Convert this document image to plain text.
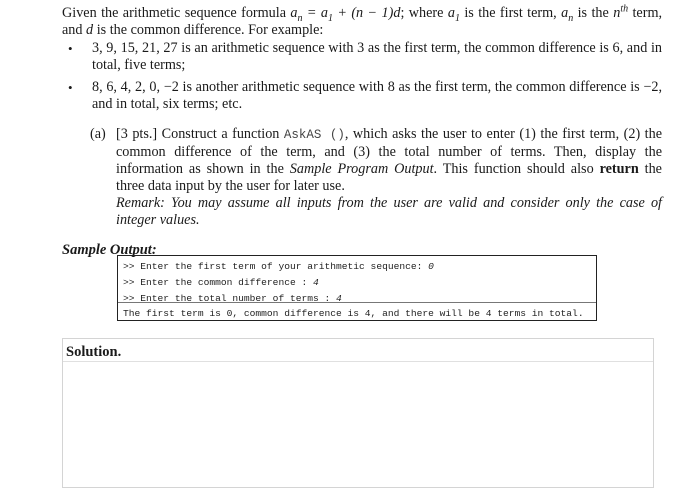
Given the arithmetic sequence formula $a_n = a_1 + (n - 1)d$; where $a_1$ is the first term, $a_n$ is the $n^{th}$ term, and d is the common difference. For example:
• 3, 9, 15, 21, 27 is an arithmetic sequence with 3 as the first term, the common difference is 6, and in total, five terms;
• 8, 6, 4, 2, 0, −2 is another arithmetic sequence with 8 as the first term, the common difference is −2, and in total, six terms; etc.
(a) [3 pts.] Construct a function AskAS (), which asks the user to enter (1) the first term, (2) the common difference of the term, and (3) the total number of terms. Then, display the information as shown in the Sample Program Output. This function should also return the three data input by the user for later use.
Remark: You may assume all inputs from the user are valid and consider only the case of integer values.
Sample Output:
>> Enter the first term of your arithmetic sequence: 0
>> Enter the common difference : 4
>> Enter the total number of terms : 4
The first term is 0, common difference is 4, and there will be 4 terms in total.
Solution.
